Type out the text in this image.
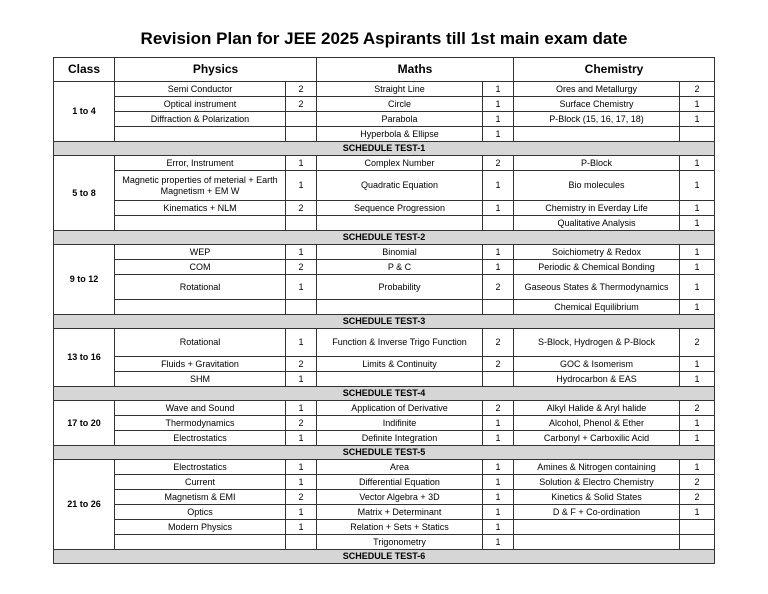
Revision Plan for JEE 2025 Aspirants till 1st main exam date
Class	Physics		Maths		Chemistry	
1 to 4	Semi Conductor	2	Straight Line	1	Ores and Metallurgy	2
	Optical instrument	2	Circle	1	Surface Chemistry	1
	Diffraction & Polarization		Parabola	1	P-Block (15, 16, 17, 18)	1
			Hyperbola & Ellipse	1		
SCHEDULE TEST-1						
5 to 8	Error, Instrument	1	Complex Number	2	P-Block	1
	Magnetic properties of meterial + Earth Magnetism + EM W	1	Quadratic Equation	1	Bio molecules	1
	Kinematics + NLM	2	Sequence Progression	1	Chemistry in Everday Life	1
					Qualitative Analysis	1
SCHEDULE TEST-2						
9 to 12	WEP	1	Binomial	1	Soichiometry & Redox	1
	COM	2	P & C	1	Periodic & Chemical Bonding	1
	Rotational	1	Probability	2	Gaseous States & Thermodynamics	1
					Chemical Equilibrium	1
SCHEDULE TEST-3						
13 to 16	Rotational	1	Function & Inverse Trigo Function	2	S-Block, Hydrogen & P-Block	2
	Fluids + Gravitation	2	Limits & Continuity	2	GOC & Isomerism	1
	SHM	1			Hydrocarbon & EAS	1
SCHEDULE TEST-4						
17 to 20	Wave and Sound	1	Application of Derivative	2	Alkyl Halide & Aryl halide	2
	Thermodynamics	2	Indifinite	1	Alcohol, Phenol & Ether	1
	Electrostatics	1	Definite Integration	1	Carbonyl + Carboxilic Acid	1
SCHEDULE TEST-5						
21 to 26	Electrostatics	1	Area	1	Amines & Nitrogen containing	1
	Current	1	Differential Equation	1	Solution & Electro Chemistry	2
	Magnetism & EMI	2	Vector Algebra + 3D	1	Kinetics & Solid States	2
	Optics	1	Matrix + Determinant	1	D & F + Co-ordination	1
	Modern Physics	1	Relation + Sets + Statics	1		
			Trigonometry	1		
SCHEDULE TEST-6						
